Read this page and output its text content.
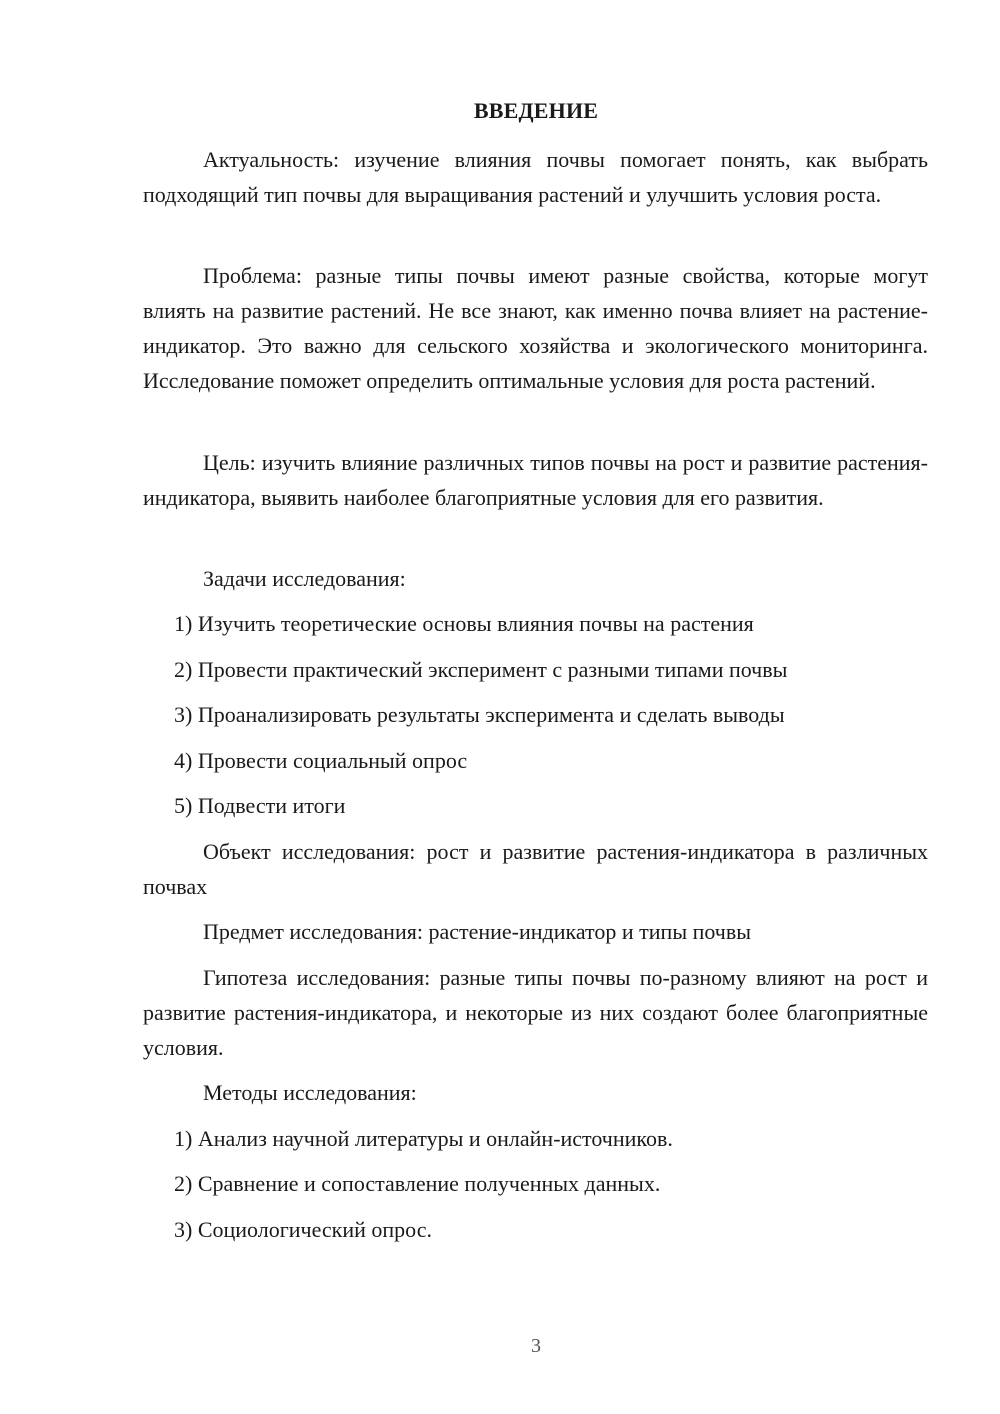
ВВЕДЕНИЕ

Актуальность: изучение влияния почвы помогает понять, как выбрать подходящий тип почвы для выращивания растений и улучшить условия роста.

Проблема: разные типы почвы имеют разные свойства, которые могут влиять на развитие растений. Не все знают, как именно почва влияет на растение-индикатор. Это важно для сельского хозяйства и экологического мониторинга. Исследование поможет определить оптимальные условия для роста растений.

Цель: изучить влияние различных типов почвы на рост и развитие растения-индикатора, выявить наиболее благоприятные условия для его развития.

Задачи исследования:
1) Изучить теоретические основы влияния почвы на растения
2) Провести практический эксперимент с разными типами почвы
3) Проанализировать результаты эксперимента и сделать выводы
4) Провести социальный опрос
5) Подвести итоги

Объект исследования: рост и развитие растения-индикатора в различных почвах

Предмет исследования: растение-индикатор и типы почвы

Гипотеза исследования: разные типы почвы по-разному влияют на рост и развитие растения-индикатора, и некоторые из них создают более благоприятные условия.

Методы исследования:
1) Анализ научной литературы и онлайн-источников.
2) Сравнение и сопоставление полученных данных.
3) Социологический опрос.
3
